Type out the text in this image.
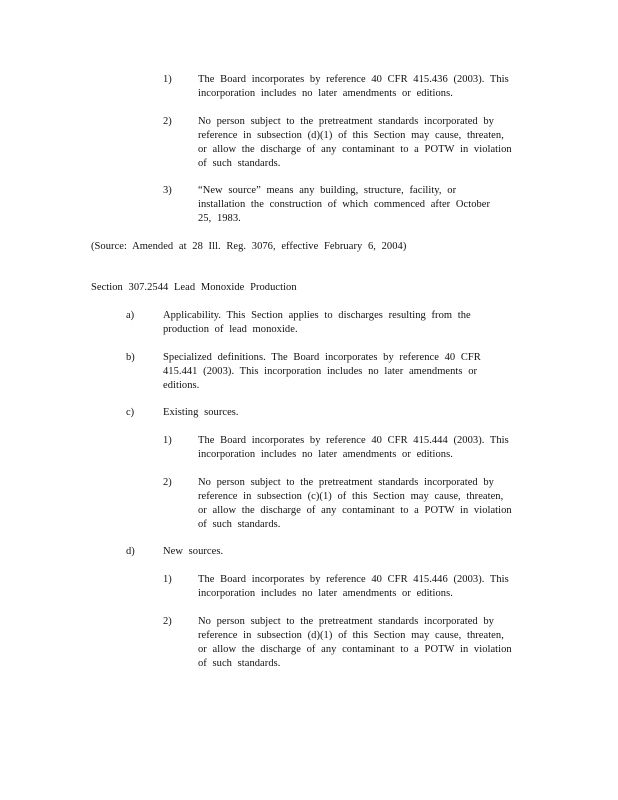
1)	The Board incorporates by reference 40 CFR 415.436 (2003). This
incorporation includes no later amendments or editions.
2)	No person subject to the pretreatment standards incorporated by
reference in subsection (d)(1) of this Section may cause, threaten,
or allow the discharge of any contaminant to a POTW in violation
of such standards.
3)	“New source” means any building, structure, facility, or
installation the construction of which commenced after October
25, 1983.
(Source: Amended at 28 Ill. Reg. 3076, effective February 6, 2004)
Section 307.2544 Lead Monoxide Production
a)	Applicability. This Section applies to discharges resulting from the
production of lead monoxide.
b)	Specialized definitions. The Board incorporates by reference 40 CFR
415.441 (2003). This incorporation includes no later amendments or
editions.
c)	Existing sources.
1)	The Board incorporates by reference 40 CFR 415.444 (2003). This
incorporation includes no later amendments or editions.
2)	No person subject to the pretreatment standards incorporated by
reference in subsection (c)(1) of this Section may cause, threaten,
or allow the discharge of any contaminant to a POTW in violation
of such standards.
d)	New sources.
1)	The Board incorporates by reference 40 CFR 415.446 (2003). This
incorporation includes no later amendments or editions.
2)	No person subject to the pretreatment standards incorporated by
reference in subsection (d)(1) of this Section may cause, threaten,
or allow the discharge of any contaminant to a POTW in violation
of such standards.
